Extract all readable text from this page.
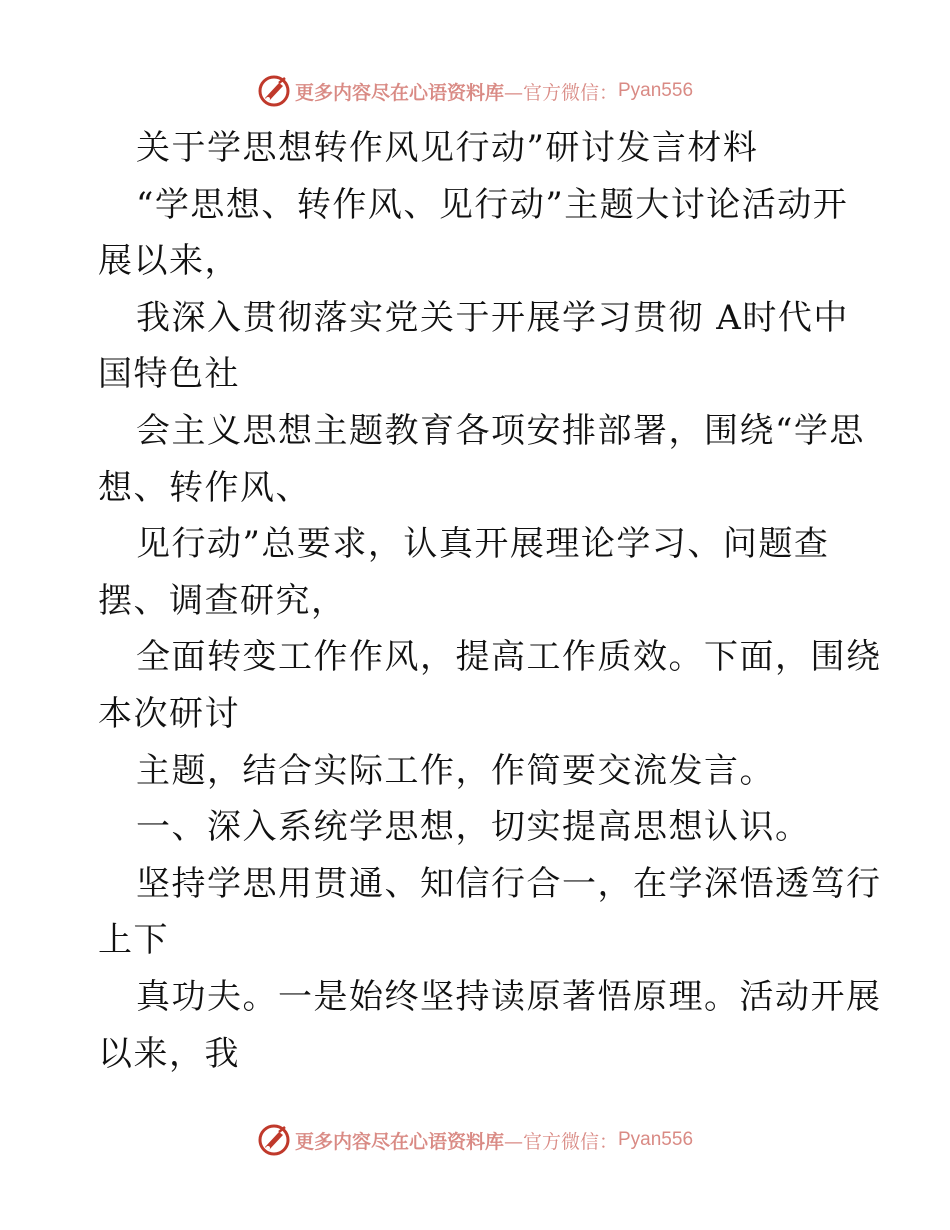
更多内容尽在心语资料库 —官方微信： Pyan556
关于学思想转作风见行动”研讨发言材料
“学思想、转作风、见行动”主题大讨论活动开
展以来，
我深入贯彻落实党关于开展学习贯彻 A时代中
国特色社
会主义思想主题教育各项安排部署，围绕“学思
想、转作风、
见行动”总要求，认真开展理论学习、问题查
摆、调查研究，
全面转变工作作风，提高工作质效。下面，围绕
本次研讨
主题，结合实际工作，作简要交流发言。
一、深入系统学思想，切实提高思想认识。
坚持学思用贯通、知信行合一，在学深悟透笃行
上下
真功夫。一是始终坚持读原著悟原理。活动开展
以来，我
更多内容尽在心语资料库 —官方微信： Pyan556
